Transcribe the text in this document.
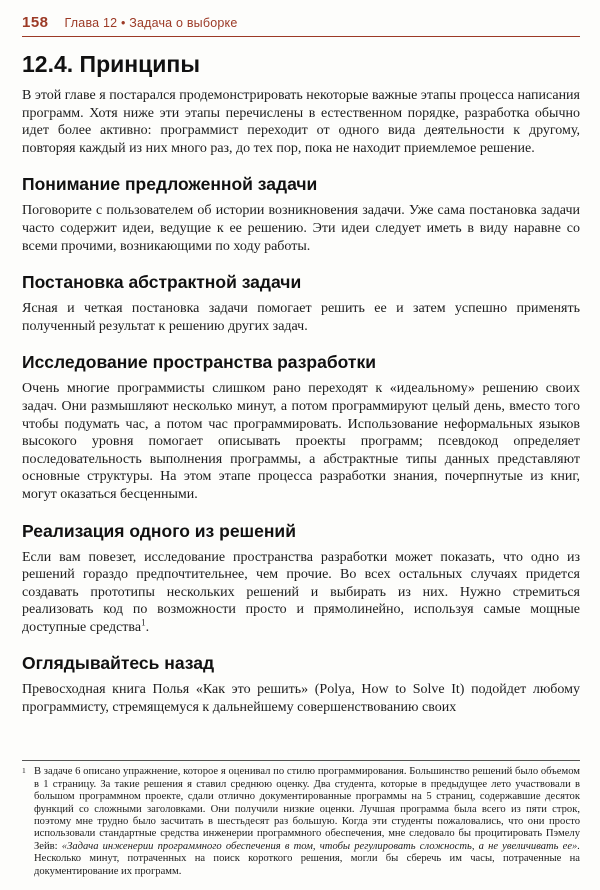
158 Глава 12 • Задача о выборке
12.4. Принципы

В этой главе я постарался продемонстрировать некоторые важные этапы процесса написания программ. Хотя ниже эти этапы перечислены в естественном порядке, разработка обычно идет более активно: программист переходит от одного вида деятельности к другому, повторяя каждый из них много раз, до тех пор, пока не находит приемлемое решение.

Понимание предложенной задачи

Поговорите с пользователем об истории возникновения задачи. Уже сама постановка задачи часто содержит идеи, ведущие к ее решению. Эти идеи следует иметь в виду наравне со всеми прочими, возникающими по ходу работы.

Постановка абстрактной задачи

Ясная и четкая постановка задачи помогает решить ее и затем успешно применять полученный результат к решению других задач.

Исследование пространства разработки

Очень многие программисты слишком рано переходят к «идеальному» решению своих задач. Они размышляют несколько минут, а потом программируют целый день, вместо того чтобы подумать час, а потом час программировать. Использование неформальных языков высокого уровня помогает описывать проекты программ; псевдокод определяет последовательность выполнения программы, а абстрактные типы данных представляют основные структуры. На этом этапе процесса разработки знания, почерпнутые из книг, могут оказаться бесценными.

Реализация одного из решений

Если вам повезет, исследование пространства разработки может показать, что одно из решений гораздо предпочтительнее, чем прочие. Во всех остальных случаях придется создавать прототипы нескольких решений и выбирать из них. Нужно стремиться реализовать код по возможности просто и прямолинейно, используя самые мощные доступные средства$^1$.

Оглядывайтесь назад

Превосходная книга Полья «Как это решить» (Polya, How to Solve It) подойдет любому программисту, стремящемуся к дальнейшему совершенствованию своих

1 В задаче 6 описано упражнение, которое я оценивал по стилю программирования. Большинство решений было объемом в 1 страницу. За такие решения я ставил среднюю оценку. Два студента, которые в предыдущее лето участвовали в большом программном проекте, сдали отлично документированные программы на 5 страниц, содержавшие десяток функций со сложными заголовками. Они получили низкие оценки. Лучшая программа была всего из пяти строк, поэтому мне трудно было засчитать в шестьдесят раз большую. Когда эти студенты пожаловались, что они просто использовали стандартные средства инженерии программного обеспечения, мне следовало бы процитировать Пэмелу Зейв: «Задача инженерии программного обеспечения в том, чтобы регулировать сложность, а не увеличивать ее». Несколько минут, потраченных на поиск короткого решения, могли бы сберечь им часы, потраченные на документирование их программ.
